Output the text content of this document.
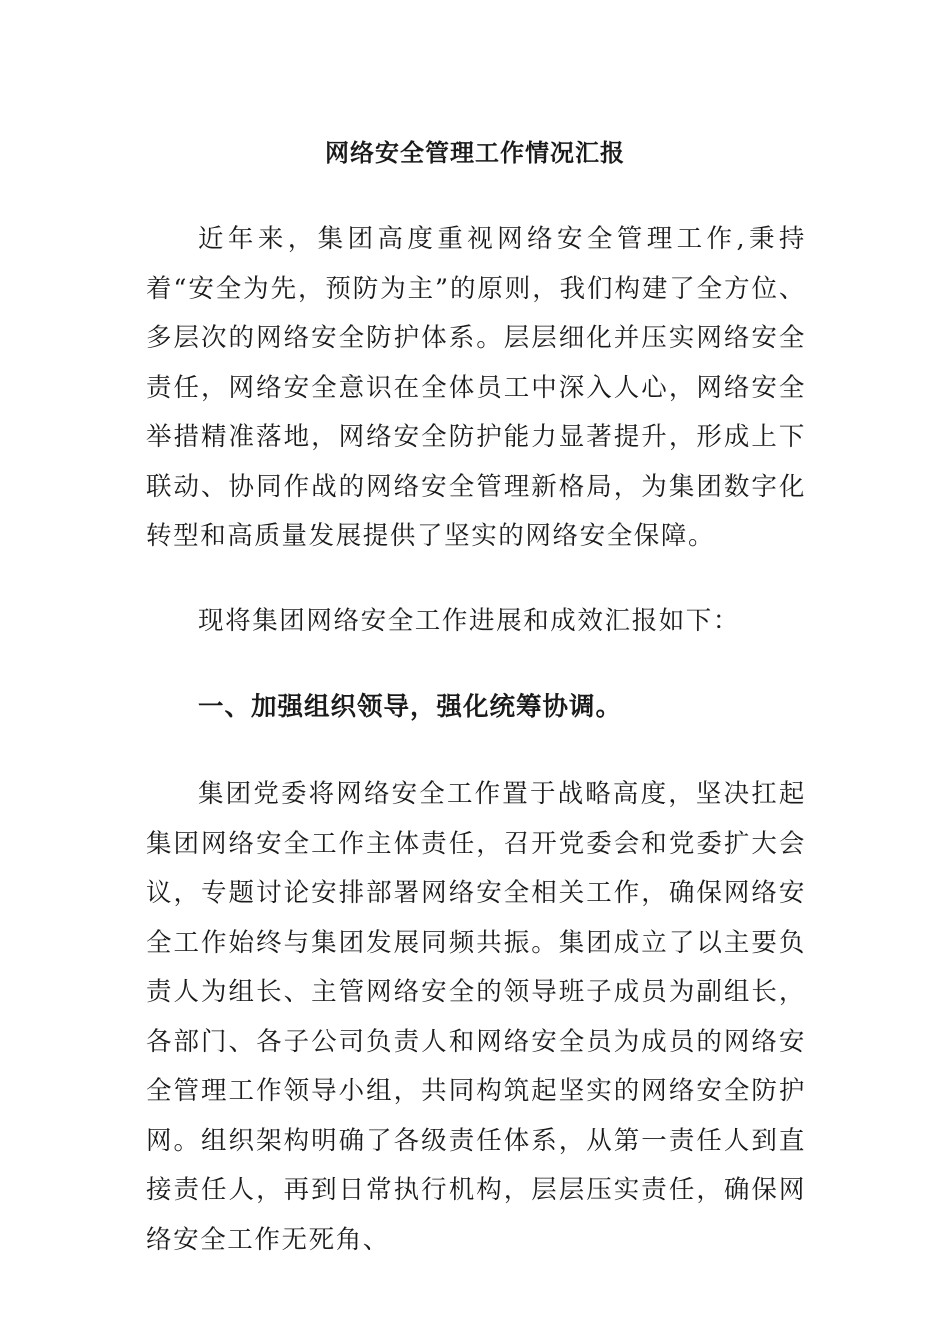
网络安全管理工作情况汇报
近年来，集团高度重视网络安全管理工作,秉持着“安全为先，预防为主”的原则，我们构建了全方位、多层次的网络安全防护体系。层层细化并压实网络安全责任，网络安全意识在全体员工中深入人心，网络安全举措精准落地，网络安全防护能力显著提升，形成上下联动、协同作战的网络安全管理新格局，为集团数字化转型和高质量发展提供了坚实的网络安全保障。
现将集团网络安全工作进展和成效汇报如下：
一、加强组织领导，强化统筹协调。
集团党委将网络安全工作置于战略高度，坚决扛起集团网络安全工作主体责任，召开党委会和党委扩大会议，专题讨论安排部署网络安全相关工作，确保网络安全工作始终与集团发展同频共振。集团成立了以主要负责人为组长、主管网络安全的领导班子成员为副组长，各部门、各子公司负责人和网络安全员为成员的网络安全管理工作领导小组，共同构筑起坚实的网络安全防护网。组织架构明确了各级责任体系，从第一责任人到直接责任人，再到日常执行机构，层层压实责任，确保网络安全工作无死角、
